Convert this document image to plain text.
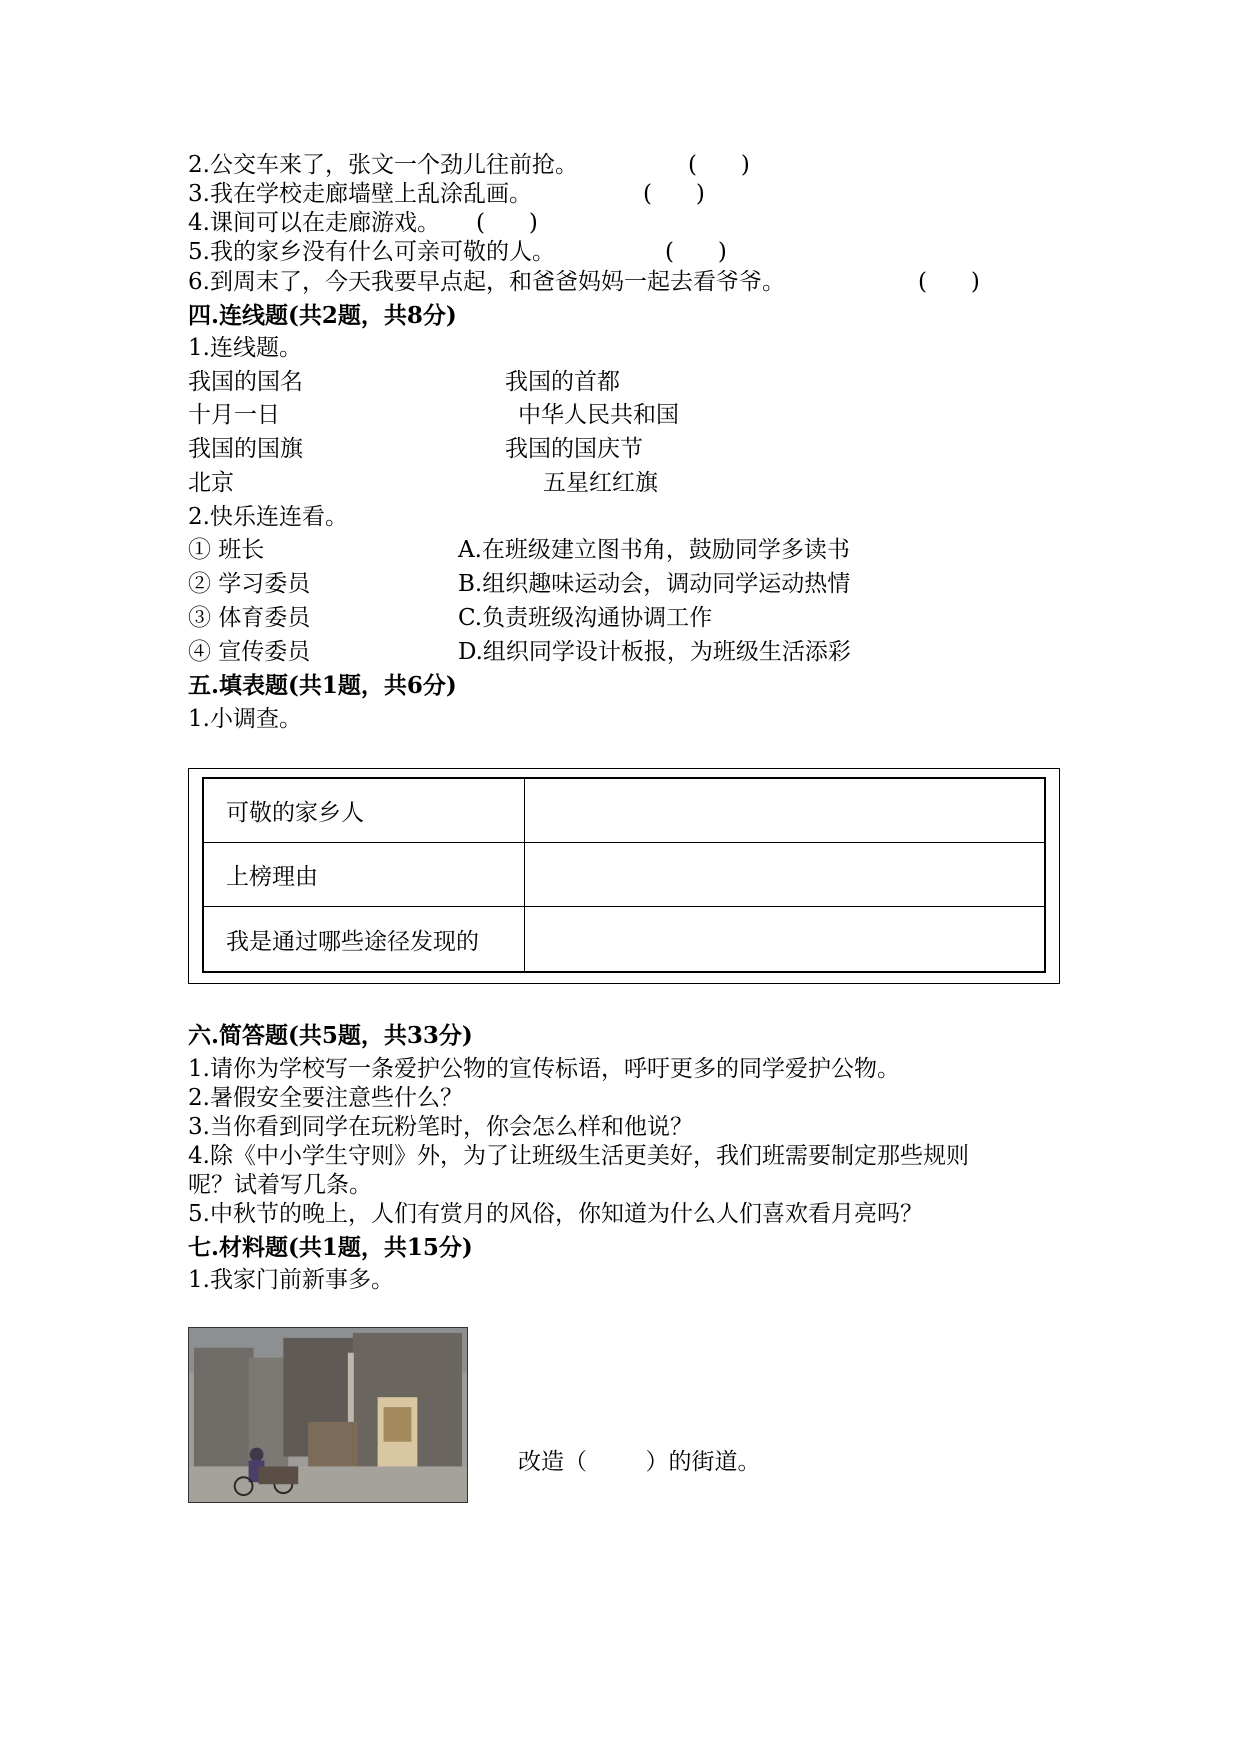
2.公交车来了，张文一个劲儿往前抢。	(      )
3.我在学校走廊墙壁上乱涂乱画。	(      )
4.课间可以在走廊游戏。 (      )
5.我的家乡没有什么可亲可敬的人。	(      )
6.到周末了，今天我要早点起，和爸爸妈妈一起去看爷爷。	(      )
四.连线题(共2题，共8分)
1.连线题。
我国的国名	我国的首都
十月一日	中华人民共和国
我国的国旗	我国的国庆节
北京	五星红红旗
2.快乐连连看。
① 班长	A.在班级建立图书角，鼓励同学多读书
② 学习委员	B.组织趣味运动会，调动同学运动热情
③ 体育委员	C.负责班级沟通协调工作
④ 宣传委员	D.组织同学设计板报，为班级生活添彩
五.填表题(共1题，共6分)
1.小调查。
可敬的家乡人
上榜理由
我是通过哪些途径发现的
六.简答题(共5题，共33分)
1.请你为学校写一条爱护公物的宣传标语，呼吁更多的同学爱护公物。
2.暑假安全要注意些什么？
3.当你看到同学在玩粉笔时，你会怎么样和他说？
4.除《中小学生守则》外，为了让班级生活更美好，我们班需要制定那些规则
呢？试着写几条。
5.中秋节的晚上，人们有赏月的风俗，你知道为什么人们喜欢看月亮吗？
七.材料题(共1题，共15分)
1.我家门前新事多。
改造（        ）的街道。
